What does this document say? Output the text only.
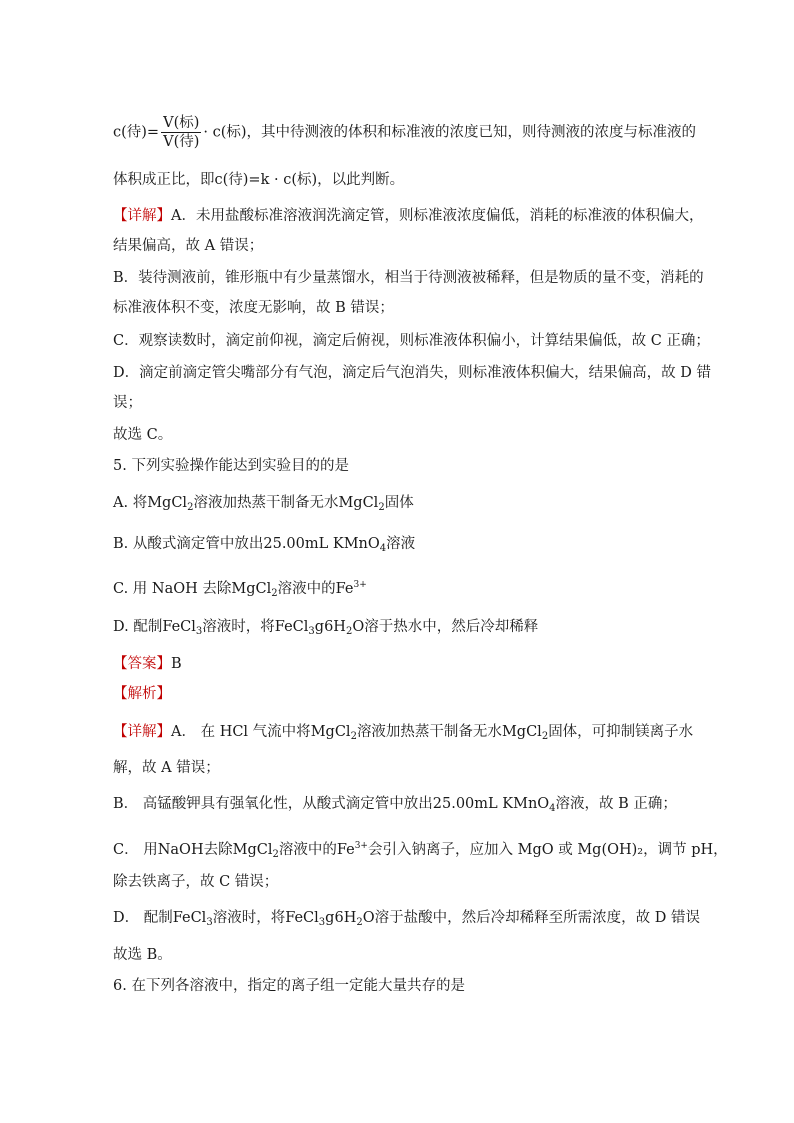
c(待)= $\frac{\text{V(标)}}{\text{V(待)}} \cdot c$(标)，其中待测液的体积和标准液的浓度已知，则待测液的浓度与标准液的
体积成正比，即c(待)=k · c(标)，以此判断。
【详解】A．未用盐酸标准溶液润洗滴定管，则标准液浓度偏低，消耗的标准液的体积偏大，
结果偏高，故 A 错误；
B．装待测液前，锥形瓶中有少量蒸馏水，相当于待测液被稀释，但是物质的量不变，消耗的
标准液体积不变，浓度无影响，故 B 错误；
C．观察读数时，滴定前仰视，滴定后俯视，则标准液体积偏小，计算结果偏低，故 C 正确；
D．滴定前滴定管尖嘴部分有气泡，滴定后气泡消失，则标准液体积偏大，结果偏高，故 D 错
误；
故选 C。
5. 下列实验操作能达到实验目的的是
A. 将MgCl$_2$溶液加热蒸干制备无水MgCl$_2$固体
B. 从酸式滴定管中放出25.00mL KMnO$_4$溶液
C. 用 NaOH 去除MgCl$_2$溶液中的$Fe^{3+}$
D. 配制FeCl$_3$溶液时，将$FeCl_3g6H_2O$溶于热水中，然后冷却稀释
【答案】B
【解析】
【详解】A． 在 HCl 气流中将MgCl$_2$溶液加热蒸干制备无水MgCl$_2$固体，可抑制镁离子水
解，故 A 错误；
B． 高锰酸钾具有强氧化性，从酸式滴定管中放出25.00mL KMnO$_4$溶液，故 B 正确；
C． 用NaOH去除MgCl$_2$溶液中的$Fe^{3+}$会引入钠离子，应加入 MgO 或 Mg(OH)₂，调节 pH，
除去铁离子，故 C 错误；
D． 配制FeCl$_3$溶液时，将$FeCl_3g6H_2O$溶于盐酸中，然后冷却稀释至所需浓度，故 D 错误
故选 B。
6. 在下列各溶液中，指定的离子组一定能大量共存的是
